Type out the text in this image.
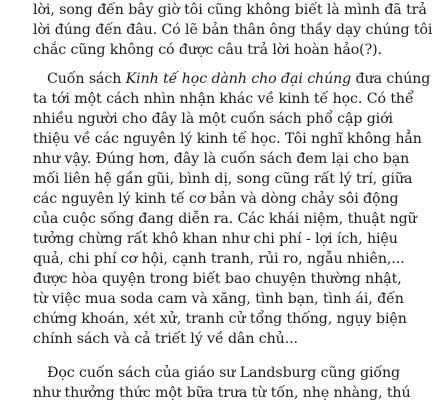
lời, song đến bây giờ tôi cũng không biết là mình đã trả
lời đúng đến đâu. Có lẽ bản thân ông thầy dạy chúng tôi
chắc cũng không có được câu trả lời hoàn hảo(?).
Cuốn sách Kinh tế học dành cho đại chúng đưa chúng
ta tới một cách nhìn nhận khác về kinh tế học. Có thể
nhiều người cho đây là một cuốn sách phổ cập giới
thiệu về các nguyên lý kinh tế học. Tôi nghĩ không hẳn
như vậy. Đúng hơn, đây là cuốn sách đem lại cho bạn
mối liên hệ gần gũi, bình dị, song cũng rất lý trí, giữa
các nguyên lý kinh tế cơ bản và dòng chảy sôi động
của cuộc sống đang diễn ra. Các khái niệm, thuật ngữ
tưởng chừng rất khô khan như chi phí - lợi ích, hiệu
quả, chi phí cơ hội, cạnh tranh, rủi ro, ngẫu nhiên,...
được hòa quyện trong biết bao chuyện thường nhật,
từ việc mua soda cam và xăng, tình bạn, tình ái, đến
chứng khoán, xét xử, tranh cử tổng thống, ngụy biện
chính sách và cả triết lý về dân chủ...
Đọc cuốn sách của giáo sư Landsburg cũng giống
như thưởng thức một bữa trưa từ tốn, nhẹ nhàng, thú
